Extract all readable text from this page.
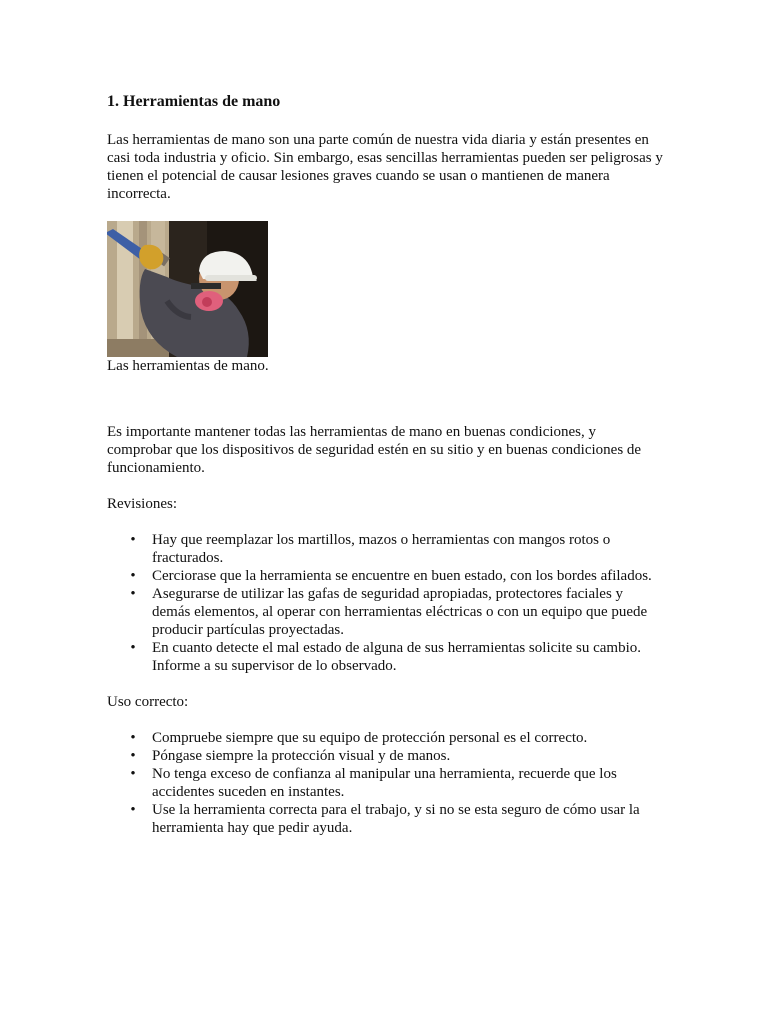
1. Herramientas de mano

Las herramientas de mano son una parte común de nuestra vida diaria y están presentes en casi toda industria y oficio. Sin embargo, esas sencillas herramientas pueden ser peligrosas y tienen el potencial de causar lesiones graves cuando se usan o mantienen de manera incorrecta.

Las herramientas de mano.

Es importante mantener todas las herramientas de mano en buenas condiciones, y comprobar que los dispositivos de seguridad estén en su sitio y en buenas condiciones de funcionamiento.

Revisiones:

• Hay que reemplazar los martillos, mazos o herramientas con mangos rotos o fracturados.
• Cerciorase que la herramienta se encuentre en buen estado, con los bordes afilados.
• Asegurarse de utilizar las gafas de seguridad apropiadas, protectores faciales y demás elementos, al operar con herramientas eléctricas o con un equipo que puede producir partículas proyectadas.
• En cuanto detecte el mal estado de alguna de sus herramientas solicite su cambio. Informe a su supervisor de lo observado.

Uso correcto:

• Compruebe siempre que su equipo de protección personal es el correcto.
• Póngase siempre la protección visual y de manos.
• No tenga exceso de confianza al manipular una herramienta, recuerde que los accidentes suceden en instantes.
• Use la herramienta correcta para el trabajo, y si no se esta seguro de cómo usar la herramienta hay que pedir ayuda.
